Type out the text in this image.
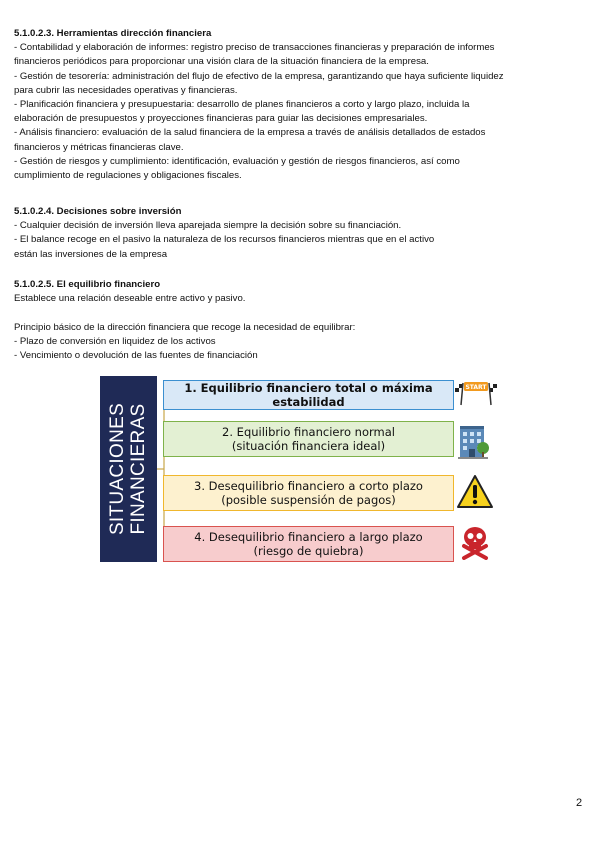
5.1.0.2.3. Herramientas dirección financiera

- Contabilidad y elaboración de informes: registro preciso de transacciones financieras y preparación de informes

financieros periódicos para proporcionar una visión clara de la situación financiera de la empresa.

- Gestión de tesorería: administración del flujo de efectivo de la empresa, garantizando que haya suficiente liquidez

para cubrir las necesidades operativas y financieras.

- Planificación financiera y presupuestaria: desarrollo de planes financieros a corto y largo plazo, incluida la

elaboración de presupuestos y proyecciones financieras para guiar las decisiones empresariales.

- Análisis financiero: evaluación de la salud financiera de la empresa a través de análisis detallados de estados

financieros y métricas financieras clave.

- Gestión de riesgos y cumplimiento: identificación, evaluación y gestión de riesgos financieros, así como

cumplimiento de regulaciones y obligaciones fiscales.

5.1.0.2.4. Decisiones sobre inversión

- Cualquier decisión de inversión lleva aparejada siempre la decisión sobre su financiación.

- El balance recoge en el pasivo la naturaleza de los recursos financieros mientras que en el activo

están las inversiones de la empresa

5.1.0.2.5. El equilibrio financiero

Establece una relación deseable entre activo y pasivo.

Principio básico de la dirección financiera que recoge la necesidad de equilibrar:

- Plazo de conversión en liquidez de los activos

- Vencimiento o devolución de las fuentes de financiación

SITUACIONES FINANCIERAS
1. Equilibrio financiero total o máxima estabilidad
2. Equilibrio financiero normal
(situación financiera ideal)
3. Desequilibrio financiero a corto plazo
(posible suspensión de pagos)
4. Desequilibrio financiero a largo plazo
(riesgo de quiebra)
START
2
